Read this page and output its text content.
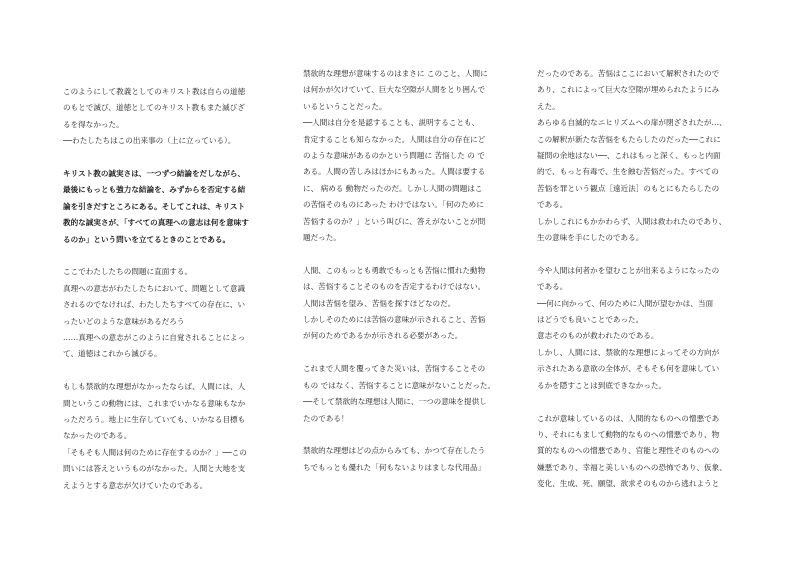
このようにして教義としてのキリスト教は自らの道徳
のもとで滅び、道徳としてのキリスト教もまた滅びざ
るを得なかった。
──わたしたちはこの出来事の（上に立っている）。
キリスト教の誠実さは、一つずつ結論をだしながら、
最後にもっとも強力な結論を、みずからを否定する結
論を引きだすところにある。そしてこれは、キリスト
教的な誠実さが、「すべての真理への意志は何を意味す
るのか」という問いを立てるときのことである。
ここでわたしたちの問題に直面する。
真理への意志がわたしたちにおいて、問題として意識
されるのでなければ、わたしたちすべての存在に、い
ったいどのような意味があるだろう
……真理への意志がこのように自覚されることによっ
て、道徳はこれから滅びる。
もしも禁欲的な理想がなかったならば、人間には、人
間というこの動物には、これまでいかなる意味もなか
っただろう。地上に生存していても、いかなる目標も
なかったのである。
「そもそも人間は何のために存在するのか？」──この
問いには答えというものがなかった。人間と大地を支
えようとする意志が欠けていたのである。
禁欲的な理想が意味するのはまさに このこと、人間に
は何かが欠けていて、巨大な空隙が人間をとり囲んで
いるということだった。
──人間は自分を是認することも、説明することも、
肯定することも知らなかった。人間は自分の存在にど
のような意味があるのかという問題に 苦悩した の で
ある。人間の苦しみはほかにもあった。人間は要する
に、 病める 動物だったのだ。しかし人間の問題はこ
の苦悩そのものにあった わけではない。「何のために
苦悩するのか？」という叫びに、答えがないことが問
題だった。
人間、このもっとも勇敢でもっとも苦悩に慣れた動物
は、苦悩することそのものを否定するわけではない。
人間は苦悩を望み、苦悩を探すほどなのだ。
しかしそのためには苦悩の意味が示されること、苦悩
が何のためであるかが示される必要があった。
これまで人間を覆ってきた災いは、苦悩することその
もの ではなく、苦悩することに意味がないことだった。
──そして禁欲的な理想は人間に、一つの意味を提供し
たのである！
禁欲的な理想はどの点からみても、かつて存在したう
ちでもっとも優れた「何もないよりはましな代用品」
だったのである。苦悩はここにおいて解釈されたので
あり、これによって巨大な空隙が埋められたようにみ
えた。
あらゆる自滅的なニヒリズムへの扉が閉ざされたが…、
この解釈が新たな苦悩をもたらしたのだった──これに
疑問の余地はない──、これはもっと深く、もっと内面
的で、もっと有毒で、生を蝕む苦悩だった。すべての
苦悩を罪という観点［遠近法］のもとにもたらしたの
である。
しかしこれにもかかわらず、人間は救われたのであり、
生の意味を手にしたのである。
今や人間は何者かを望むことが出来るようになったの
である。
──何に向かって、何のために人間が望むかは、当面
はどうでも良いことであった。
意志そのものが救われたのである。
しかし、人間には、禁欲的な理想によってその方向が
示されたある意欲の全体が、そもそも何を意味してい
るかを隠すことは到底できなかった。
これが意味しているのは、人間的なものへの憎悪であ
り、それにもまして動物的なものへの憎悪であり、物
質的なものへの憎悪であり、官能と理性そのものへの
嫌悪であり、幸福と美しいものへの恐怖であり、仮象、
変化、生成、死、願望、欲求そのものから逃れようと
